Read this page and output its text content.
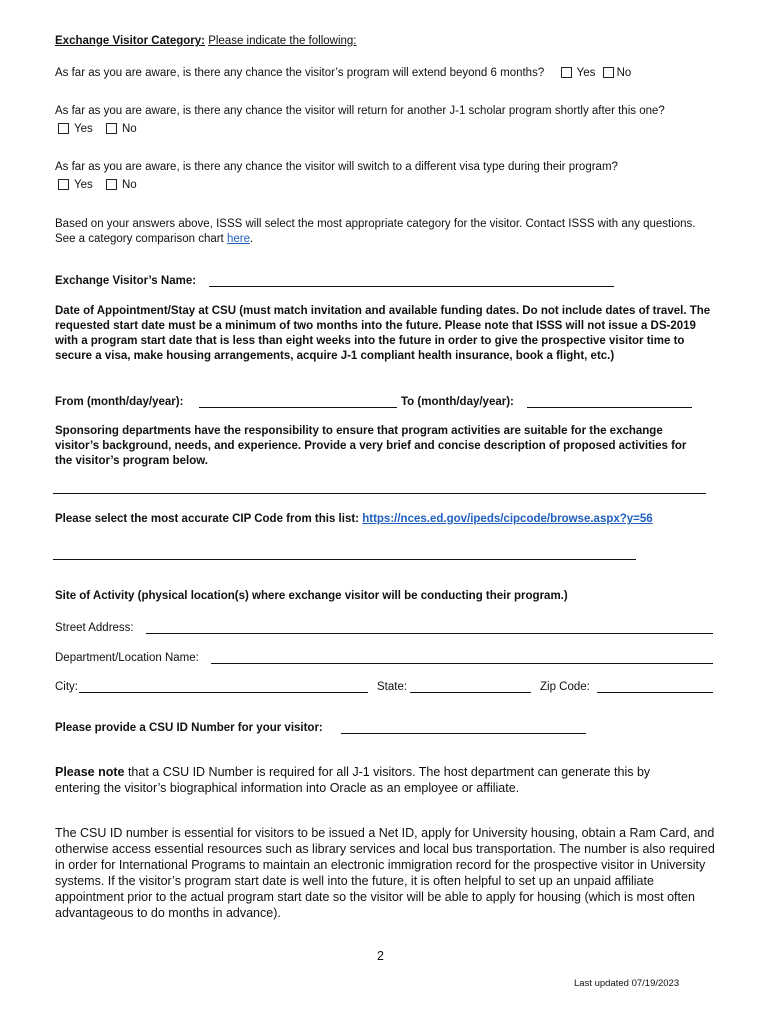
Exchange Visitor Category: Please indicate the following:
As far as you are aware, is there any chance the visitor’s program will extend beyond 6 months?	Yes No
As far as you are aware, is there any chance the visitor will return for another J-1 scholar program shortly after this one?
Yes	No
As far as you are aware, is there any chance the visitor will switch to a different visa type during their program?
Yes	No
Based on your answers above, ISSS will select the most appropriate category for the visitor. Contact ISSS with any questions. See a category comparison chart here.
Exchange Visitor’s Name:
Date of Appointment/Stay at CSU (must match invitation and available funding dates. Do not include dates of travel. The requested start date must be a minimum of two months into the future. Please note that ISSS will not issue a DS-2019 with a program start date that is less than eight weeks into the future in order to give the prospective visitor time to secure a visa, make housing arrangements, acquire J-1 compliant health insurance, book a flight, etc.)
From (month/day/year):	To (month/day/year):
Sponsoring departments have the responsibility to ensure that program activities are suitable for the exchange visitor’s background, needs, and experience. Provide a very brief and concise description of proposed activities for the visitor’s program below.
Please select the most accurate CIP Code from this list: https://nces.ed.gov/ipeds/cipcode/browse.aspx?y=56
Site of Activity (physical location(s) where exchange visitor will be conducting their program.)
Street Address:
Department/Location Name:
City:	State:	Zip Code:
Please provide a CSU ID Number for your visitor:
Please note that a CSU ID Number is required for all J-1 visitors. The host department can generate this by entering the visitor’s biographical information into Oracle as an employee or affiliate.
The CSU ID number is essential for visitors to be issued a Net ID, apply for University housing, obtain a Ram Card, and otherwise access essential resources such as library services and local bus transportation. The number is also required in order for International Programs to maintain an electronic immigration record for the prospective visitor in University systems. If the visitor’s program start date is well into the future, it is often helpful to set up an unpaid affiliate appointment prior to the actual program start date so the visitor will be able to apply for housing (which is most often advantageous to do months in advance).
2
Last updated 07/19/2023
